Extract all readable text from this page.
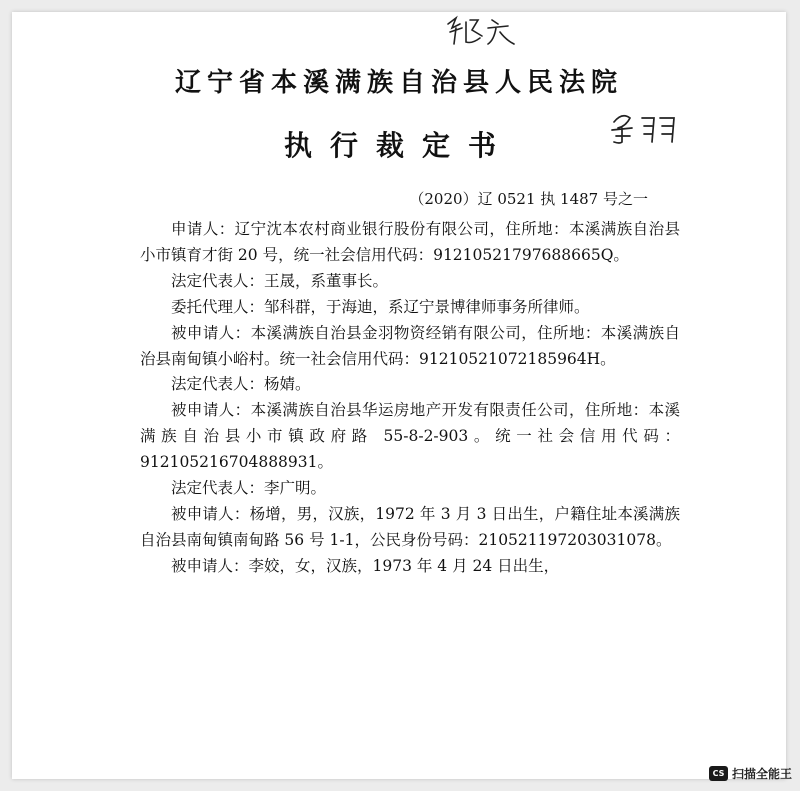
辽宁省本溪满族自治县人民法院
执行裁定书
（2020）辽 0521 执 1487 号之一

申请人：辽宁沈本农村商业银行股份有限公司，住所地：本溪满族自治县小市镇育才街 20 号，统一社会信用代码：91210521797688665Q。

法定代表人：王晟，系董事长。

委托代理人：邹科群，于海迪，系辽宁景博律师事务所律师。

被申请人：本溪满族自治县金羽物资经销有限公司，住所地：本溪满族自治县南甸镇小峪村。统一社会信用代码：91210521072185964H。

法定代表人：杨婧。

被申请人：本溪满族自治县华运房地产开发有限责任公司，住所地：本溪满族自治县小市镇政府路 55-8-2-903。统一社会信用代码：912105216704888931。

法定代表人：李广明。

被申请人：杨增，男，汉族，1972 年 3 月 3 日出生，户籍住址本溪满族自治县南甸镇南甸路 56 号 1-1，公民身份号码：210521197203031078。

被申请人：李姣，女，汉族，1973 年 4 月 24 日出生，

CS 扫描全能王
